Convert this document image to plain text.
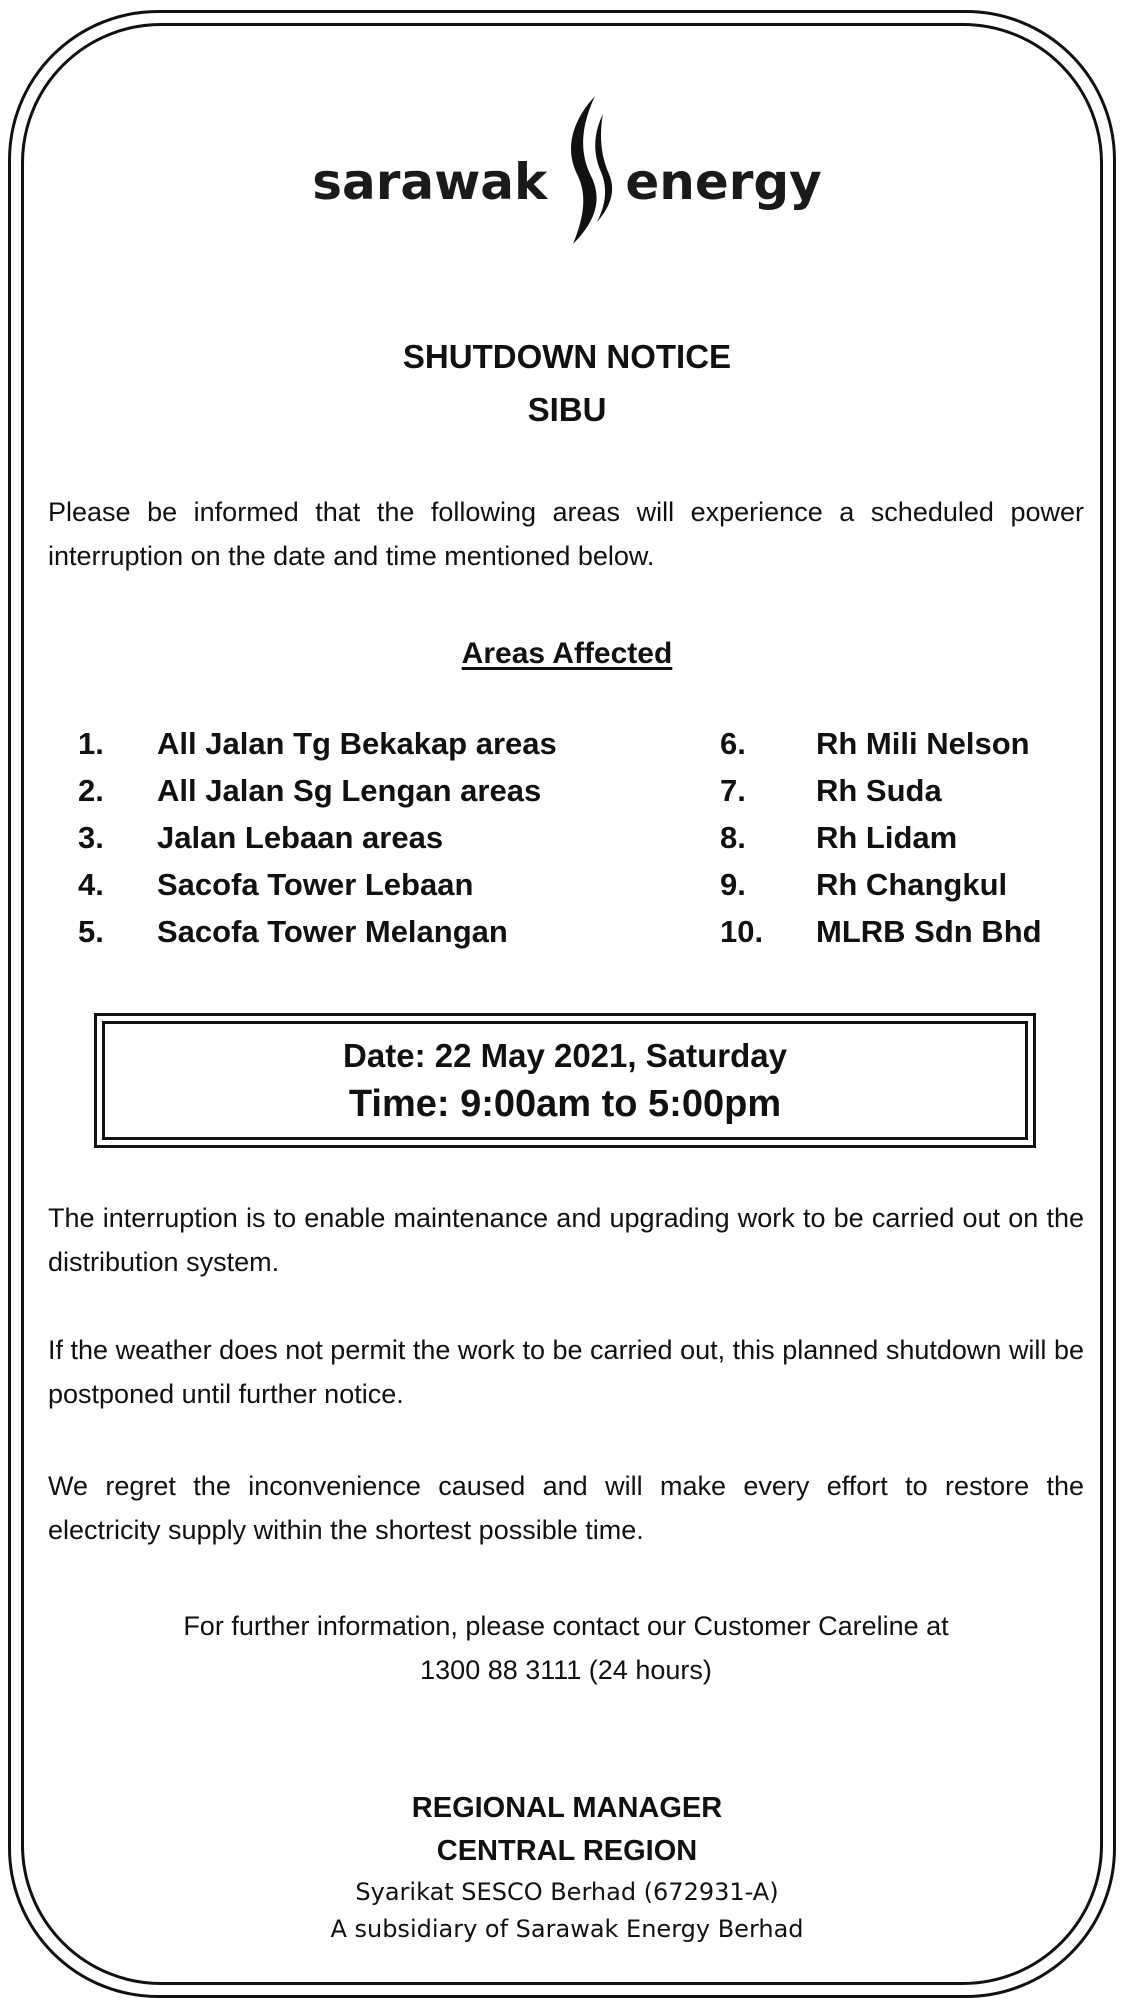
sarawak energy
SHUTDOWN NOTICE
SIBU

Please be informed that the following areas will experience a scheduled power interruption on the date and time mentioned below.

Areas Affected
1.	All Jalan Tg Bekakap areas
2.	All Jalan Sg Lengan areas
3.	Jalan Lebaan areas
4.	Sacofa Tower Lebaan
5.	Sacofa Tower Melangan
6.	Rh Mili Nelson
7.	Rh Suda
8.	Rh Lidam
9.	Rh Changkul
10.	MLRB Sdn Bhd
Date: 22 May 2021, Saturday
Time: 9:00am to 5:00pm

The interruption is to enable maintenance and upgrading work to be carried out on the distribution system.

If the weather does not permit the work to be carried out, this planned shutdown will be postponed until further notice.

We regret the inconvenience caused and will make every effort to restore the electricity supply within the shortest possible time.

For further information, please contact our Customer Careline at
1300 88 3111 (24 hours)
REGIONAL MANAGER
CENTRAL REGION
Syarikat SESCO Berhad (672931-A)
A subsidiary of Sarawak Energy Berhad
